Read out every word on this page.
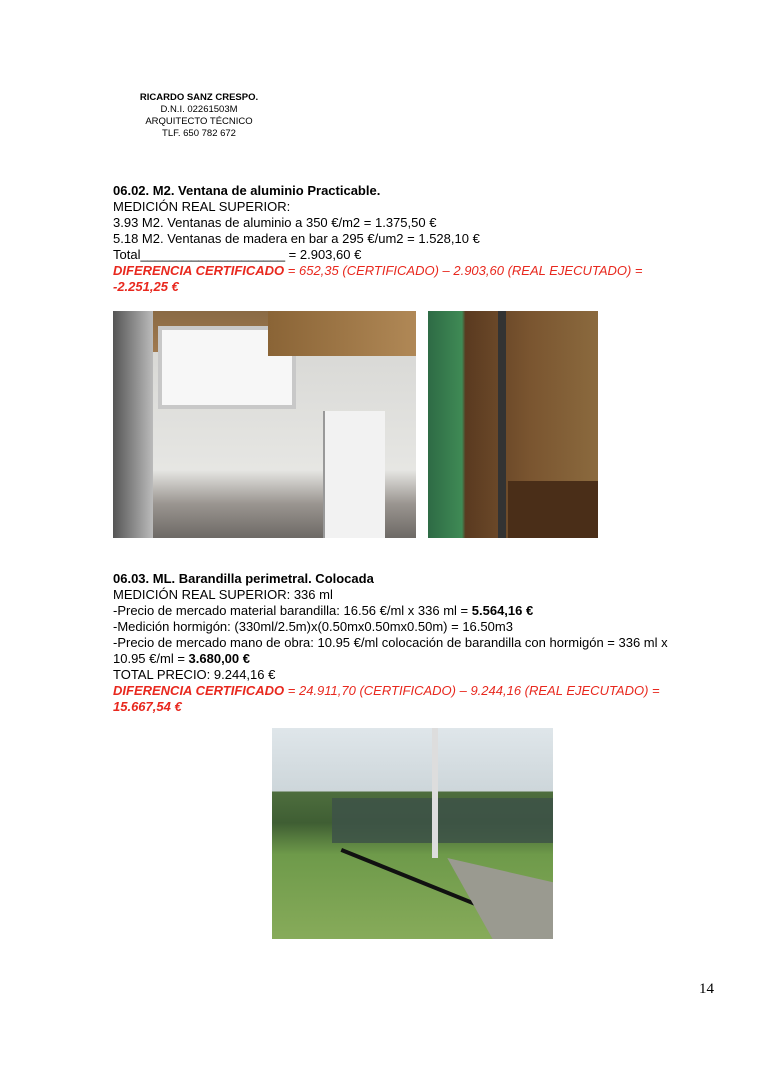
RICARDO SANZ CRESPO.
D.N.I. 02261503M
ARQUITECTO TÉCNICO
TLF. 650 782 672
06.02. M2. Ventana de aluminio Practicable.
MEDICIÓN REAL SUPERIOR:
3.93 M2. Ventanas de aluminio a 350 €/m2 = 1.375,50 €
5.18 M2. Ventanas de madera en bar a 295 €/um2 = 1.528,10 €
Total____________________ = 2.903,60 €
DIFERENCIA CERTIFICADO = 652,35 (CERTIFICADO) – 2.903,60 (REAL EJECUTADO) =
-2.251,25 €
06.03. ML. Barandilla perimetral. Colocada
MEDICIÓN REAL SUPERIOR: 336 ml
-Precio de mercado material barandilla: 16.56 €/ml x 336 ml = 5.564,16 €
-Medición hormigón: (330ml/2.5m)x(0.50mx0.50mx0.50m) = 16.50m3
-Precio de mercado mano de obra: 10.95 €/ml colocación de barandilla con hormigón = 336 ml x
10.95 €/ml = 3.680,00 €
TOTAL PRECIO: 9.244,16 €
DIFERENCIA CERTIFICADO = 24.911,70 (CERTIFICADO) – 9.244,16 (REAL EJECUTADO) =
15.667,54 €
14
